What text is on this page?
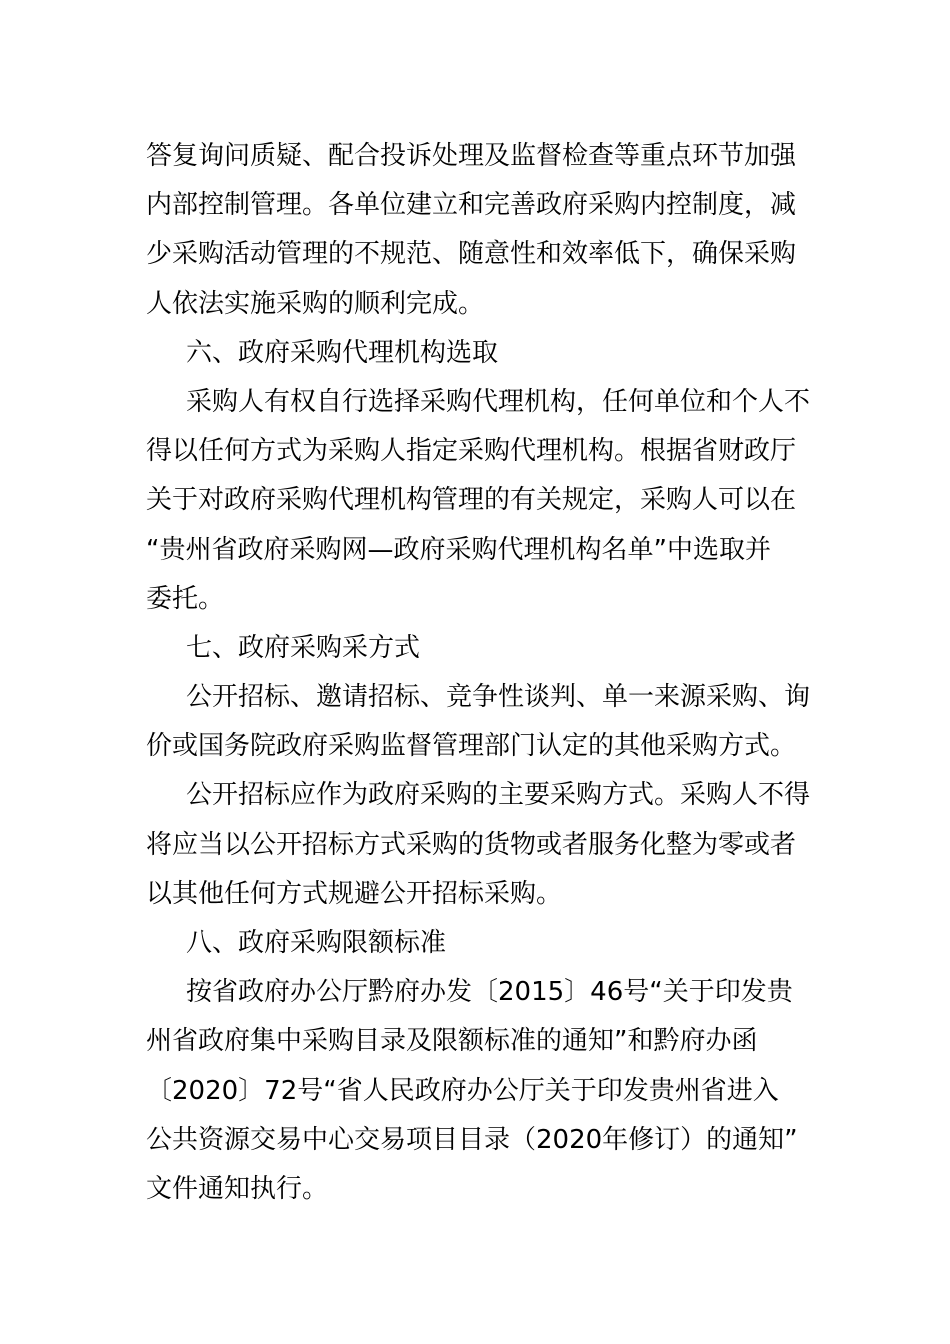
答复询问质疑、配合投诉处理及监督检查等重点环节加强
内部控制管理。各单位建立和完善政府采购内控制度，减
少采购活动管理的不规范、随意性和效率低下，确保采购
人依法实施采购的顺利完成。
六、政府采购代理机构选取
采购人有权自行选择采购代理机构，任何单位和个人不
得以任何方式为采购人指定采购代理机构。根据省财政厅
关于对政府采购代理机构管理的有关规定，采购人可以在
“贵州省政府采购网—政府采购代理机构名单”中选取并
委托。
七、政府采购采方式
公开招标、邀请招标、竞争性谈判、单一来源采购、询
价或国务院政府采购监督管理部门认定的其他采购方式。
公开招标应作为政府采购的主要采购方式。采购人不得
将应当以公开招标方式采购的货物或者服务化整为零或者
以其他任何方式规避公开招标采购。
八、政府采购限额标准
按省政府办公厅黔府办发〔2015〕46号“关于印发贵
州省政府集中采购目录及限额标准的通知”和黔府办函
〔2020〕72号“省人民政府办公厅关于印发贵州省进入
公共资源交易中心交易项目目录（2020年修订）的通知”
文件通知执行。
